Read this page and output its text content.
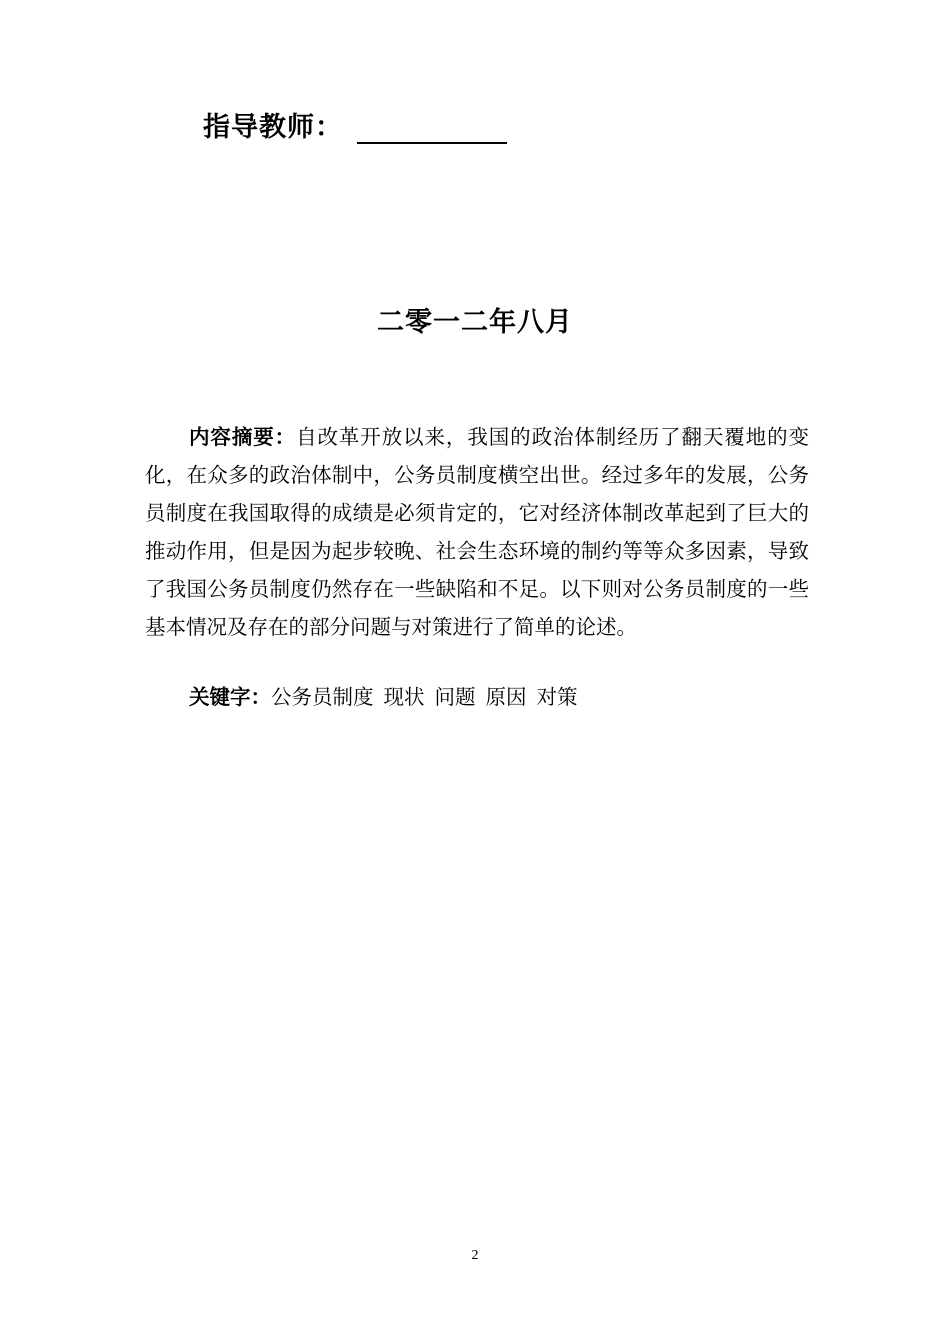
指导教师：
二零一二年八月
内容摘要：自改革开放以来，我国的政治体制经历了翻天覆地的变化，在众多的政治体制中，公务员制度横空出世。经过多年的发展，公务员制度在我国取得的成绩是必须肯定的，它对经济体制改革起到了巨大的推动作用，但是因为起步较晚、社会生态环境的制约等等众多因素，导致了我国公务员制度仍然存在一些缺陷和不足。以下则对公务员制度的一些基本情况及存在的部分问题与对策进行了简单的论述。
关键字：公务员制度 现状 问题 原因 对策
2
